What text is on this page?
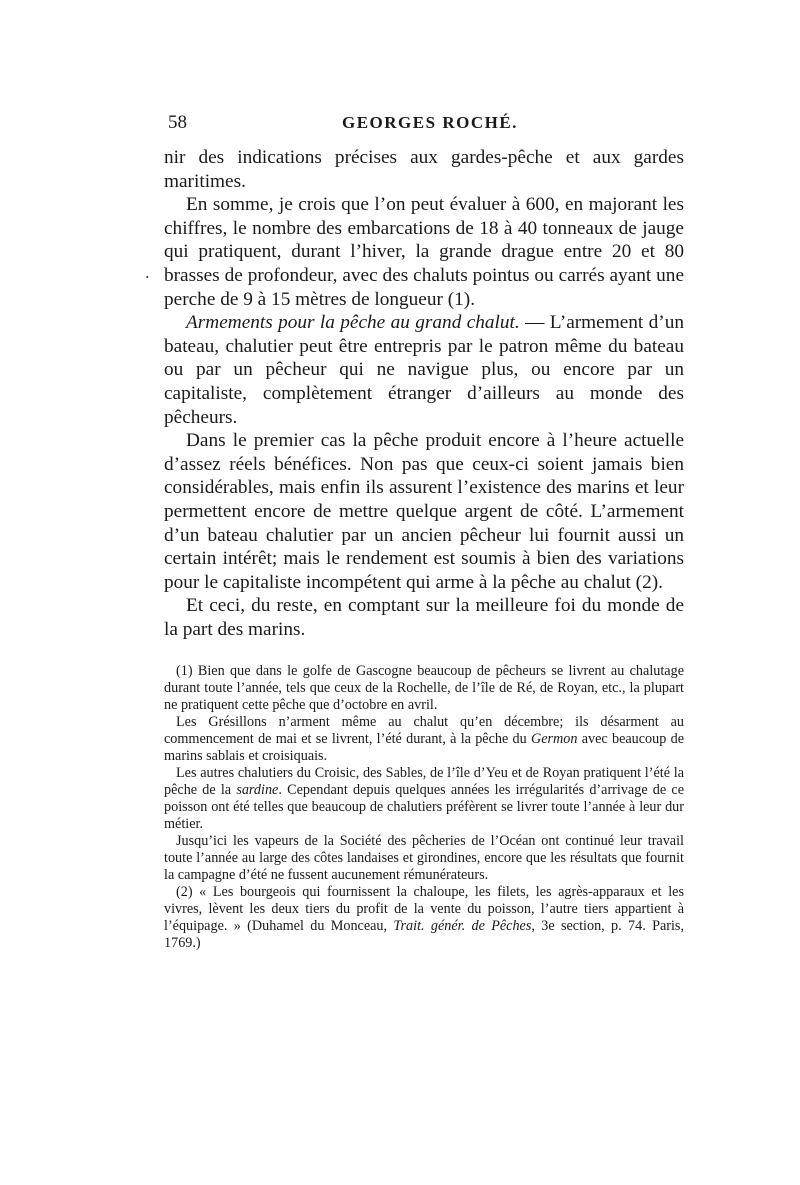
58	GEORGES ROCHÉ.

nir des indications précises aux gardes-pêche et aux gardes maritimes.

En somme, je crois que l’on peut évaluer à 600, en majorant les chiffres, le nombre des embarcations de 18 à 40 tonneaux de jauge qui pratiquent, durant l’hiver, la grande drague entre 20 et 80 brasses de profondeur, avec des chaluts pointus ou carrés ayant une perche de 9 à 15 mètres de longueur (1).

Armements pour la pêche au grand chalut. — L’armement d’un bateau, chalutier peut être entrepris par le patron même du bateau ou par un pêcheur qui ne navigue plus, ou encore par un capitaliste, complètement étranger d’ailleurs au monde des pêcheurs.

Dans le premier cas la pêche produit encore à l’heure actuelle d’assez réels bénéfices. Non pas que ceux-ci soient jamais bien considérables, mais enfin ils assurent l’existence des marins et leur permettent encore de mettre quelque argent de côté. L’armement d’un bateau chalutier par un ancien pêcheur lui fournit aussi un certain intérêt; mais le rendement est soumis à bien des variations pour le capitaliste incompétent qui arme à la pêche au chalut (2).

Et ceci, du reste, en comptant sur la meilleure foi du monde de la part des marins.

(1) Bien que dans le golfe de Gascogne beaucoup de pêcheurs se livrent au chalutage durant toute l’année, tels que ceux de la Rochelle, de l’île de Ré, de Royan, etc., la plupart ne pratiquent cette pêche que d’octobre en avril.

Les Grésillons n’arment même au chalut qu’en décembre; ils désarment au commencement de mai et se livrent, l’été durant, à la pêche du Germon avec beaucoup de marins sablais et croisiquais.

Les autres chalutiers du Croisic, des Sables, de l’île d’Yeu et de Royan pratiquent l’été la pêche de la sardine. Cependant depuis quelques années les irrégularités d’arrivage de ce poisson ont été telles que beaucoup de chalutiers préfèrent se livrer toute l’année à leur dur métier.

Jusqu’ici les vapeurs de la Société des pêcheries de l’Océan ont continué leur travail toute l’année au large des côtes landaises et girondines, encore que les résultats que fournit la campagne d’été ne fussent aucunement rémunérateurs.

(2) « Les bourgeois qui fournissent la chaloupe, les filets, les agrès-apparaux et les vivres, lèvent les deux tiers du profit de la vente du poisson, l’autre tiers appartient à l’équipage. » (Duhamel du Monceau, Trait. génér. de Pêches, 3e section, p. 74. Paris, 1769.)

.
